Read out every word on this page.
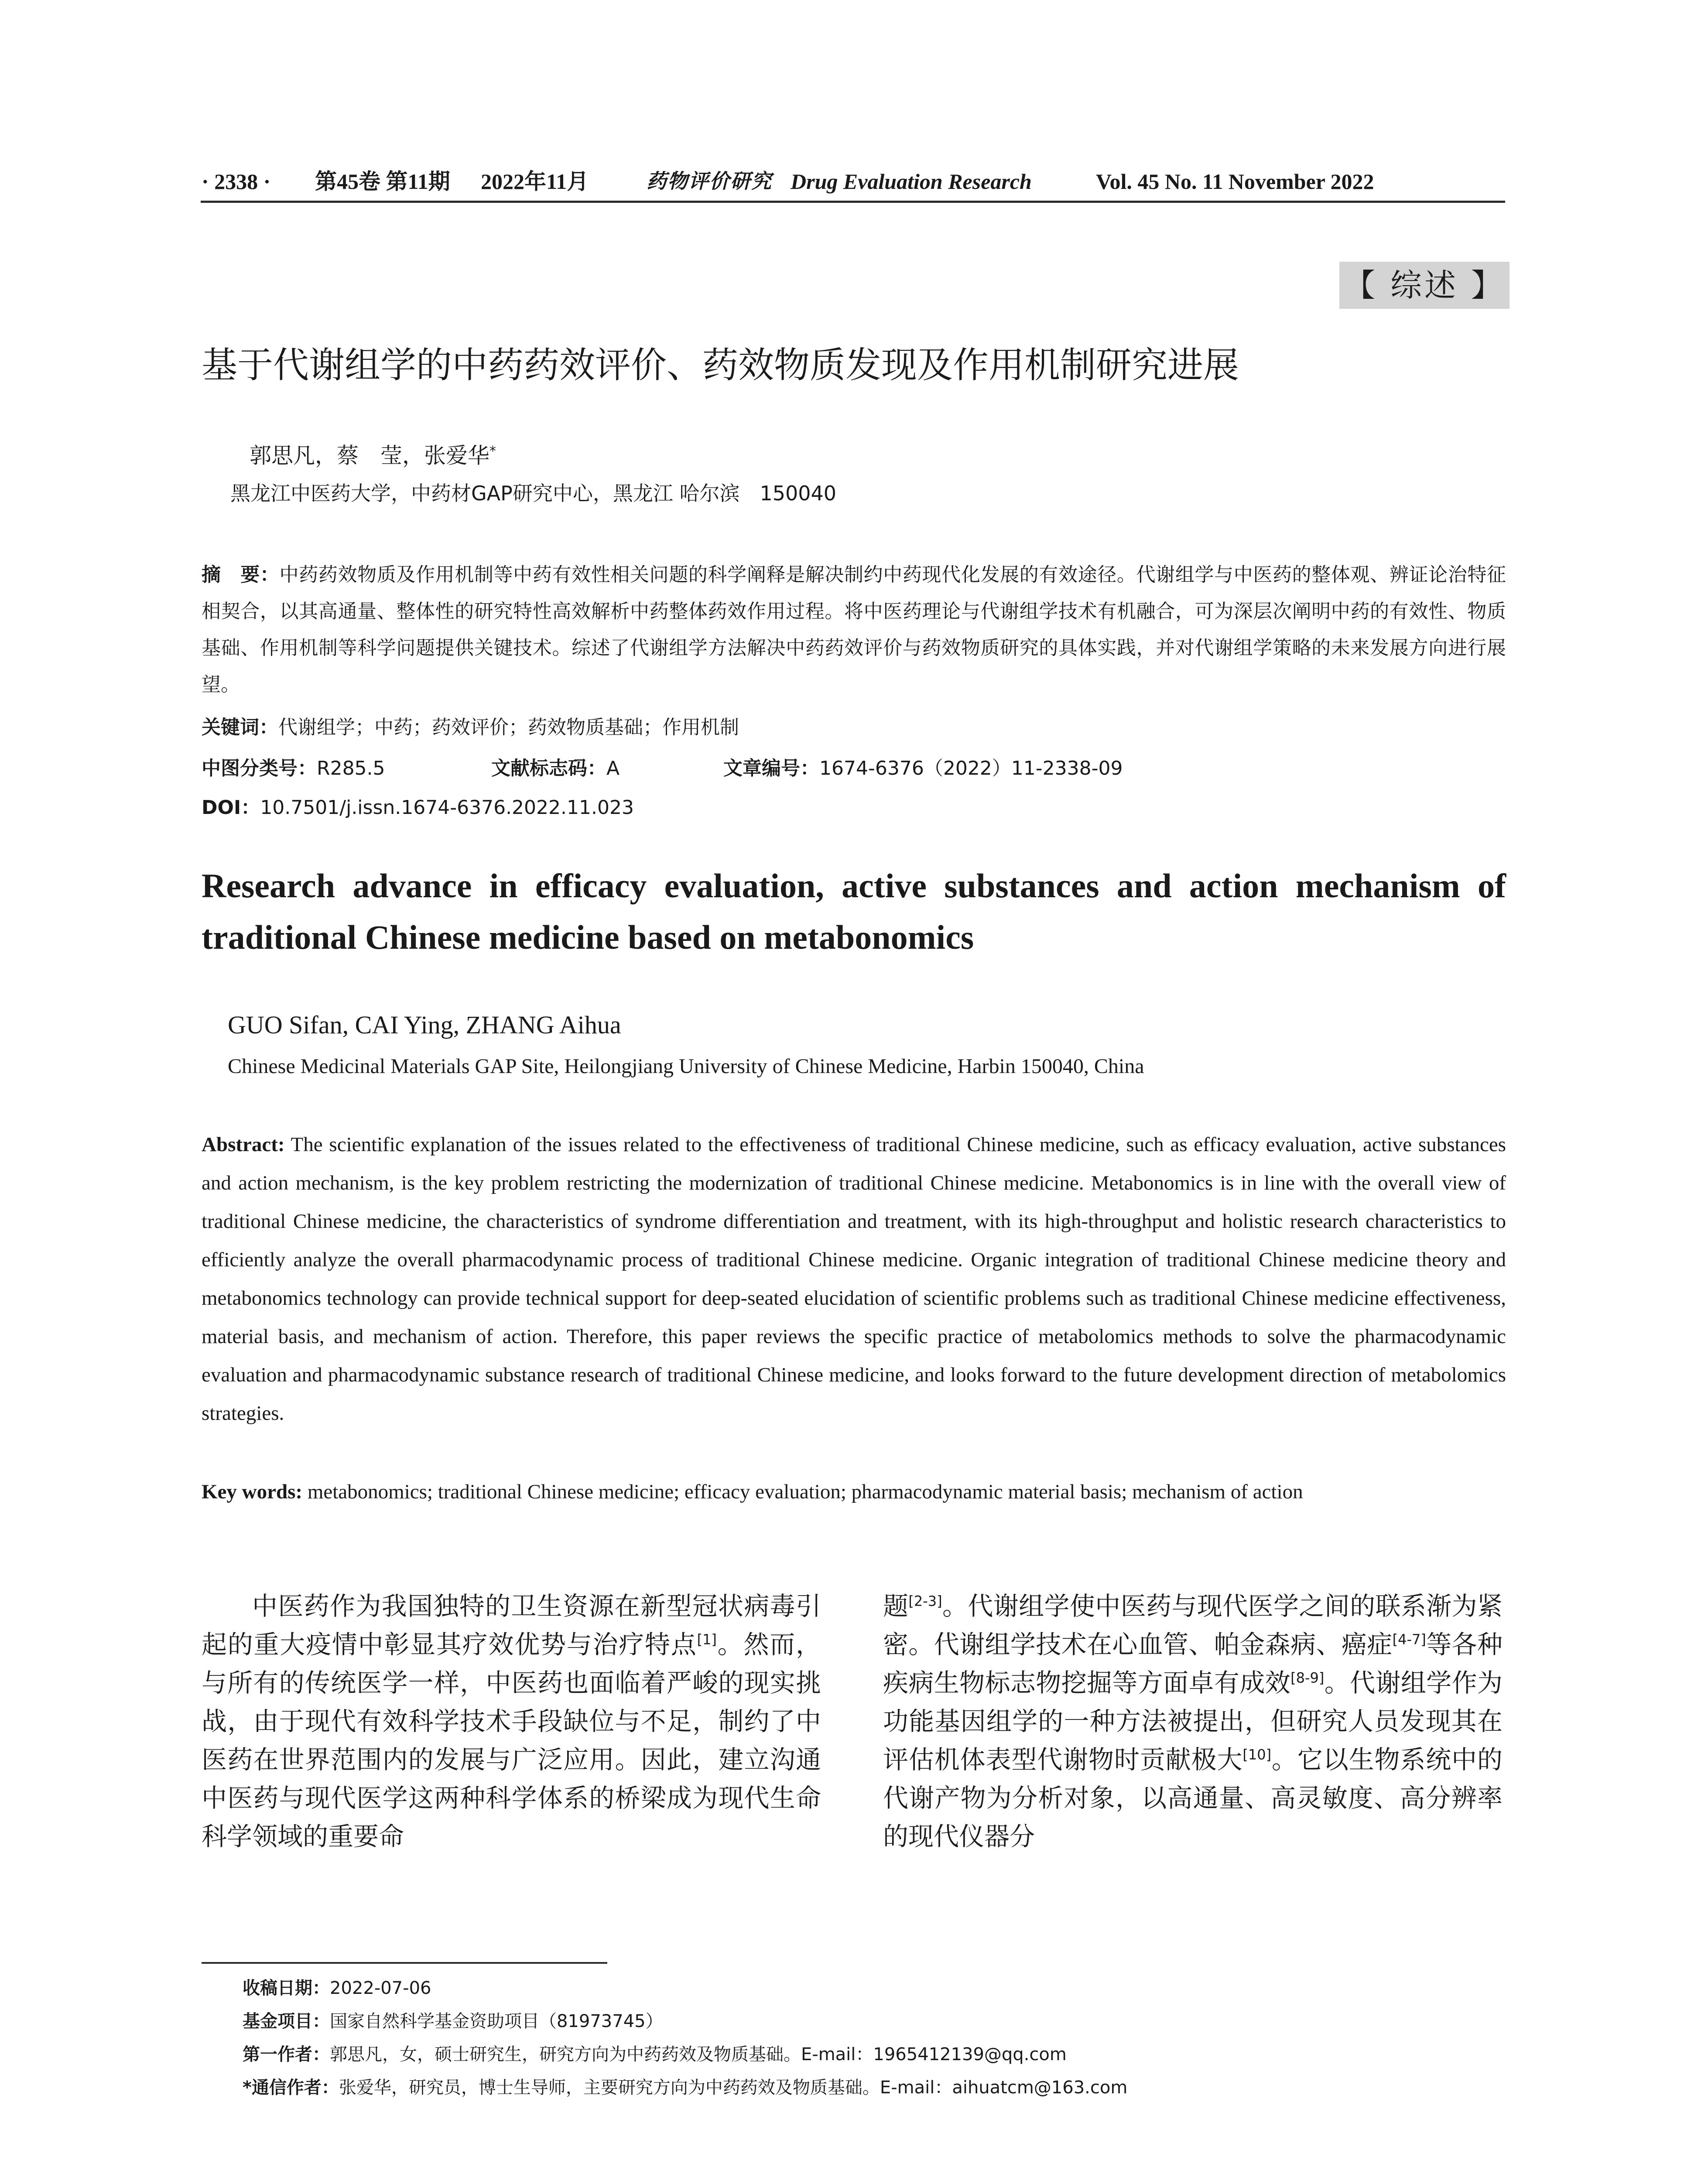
· 2338 · 第45卷 第11期 2022年11月	药物评价研究 Drug Evaluation Research	Vol. 45 No. 11 November 2022
【 综述 】
基于代谢组学的中药药效评价、药效物质发现及作用机制研究进展
郭思凡，蔡　莹，张爱华*
黑龙江中医药大学，中药材GAP研究中心，黑龙江 哈尔滨　150040
摘　要：中药药效物质及作用机制等中药有效性相关问题的科学阐释是解决制约中药现代化发展的有效途径。代谢组学与中医药的整体观、辨证论治特征相契合，以其高通量、整体性的研究特性高效解析中药整体药效作用过程。将中医药理论与代谢组学技术有机融合，可为深层次阐明中药的有效性、物质基础、作用机制等科学问题提供关键技术。综述了代谢组学方法解决中药药效评价与药效物质研究的具体实践，并对代谢组学策略的未来发展方向进行展望。
关键词：代谢组学；中药；药效评价；药效物质基础；作用机制

中图分类号：R285.5

	文献标志码：A

	文章编号：1674-6376（2022）11-2338-09

DOI：10.7501/j.issn.1674-6376.2022.11.023
Research advance in efficacy evaluation, active substances and action mechanism of traditional Chinese medicine based on metabonomics
GUO Sifan, CAI Ying, ZHANG Aihua
Chinese Medicinal Materials GAP Site, Heilongjiang University of Chinese Medicine, Harbin 150040, China
Abstract: The scientific explanation of the issues related to the effectiveness of traditional Chinese medicine, such as efficacy evaluation, active substances and action mechanism, is the key problem restricting the modernization of traditional Chinese medicine. Metabonomics is in line with the overall view of traditional Chinese medicine, the characteristics of syndrome differentiation and treatment, with its high-throughput and holistic research characteristics to efficiently analyze the overall pharmacodynamic process of traditional Chinese medicine. Organic integration of traditional Chinese medicine theory and metabonomics technology can provide technical support for deep-seated elucidation of scientific problems such as traditional Chinese medicine effectiveness, material basis, and mechanism of action. Therefore, this paper reviews the specific practice of metabolomics methods to solve the pharmacodynamic evaluation and pharmacodynamic substance research of traditional Chinese medicine, and looks forward to the future development direction of metabolomics strategies.
Key words: metabonomics; traditional Chinese medicine; efficacy evaluation; pharmacodynamic material basis; mechanism of action
中医药作为我国独特的卫生资源在新型冠状病毒引起的重大疫情中彰显其疗效优势与治疗特点[1]。然而，与所有的传统医学一样，中医药也面临着严峻的现实挑战，由于现代有效科学技术手段缺位与不足，制约了中医药在世界范围内的发展与广泛应用。因此，建立沟通中医药与现代医学这两种科学体系的桥梁成为现代生命科学领域的重要命
题[2-3]。代谢组学使中医药与现代医学之间的联系渐为紧密。代谢组学技术在心血管、帕金森病、癌症[4-7]等各种疾病生物标志物挖掘等方面卓有成效[8-9]。代谢组学作为功能基因组学的一种方法被提出，但研究人员发现其在评估机体表型代谢物时贡献极大[10]。它以生物系统中的代谢产物为分析对象，以高通量、高灵敏度、高分辨率的现代仪器分
收稿日期：2022-07-06
基金项目：国家自然科学基金资助项目（81973745）
第一作者：郭思凡，女，硕士研究生，研究方向为中药药效及物质基础。E-mail：1965412139@qq.com
*通信作者：张爱华，研究员，博士生导师，主要研究方向为中药药效及物质基础。E-mail：aihuatcm@163.com
